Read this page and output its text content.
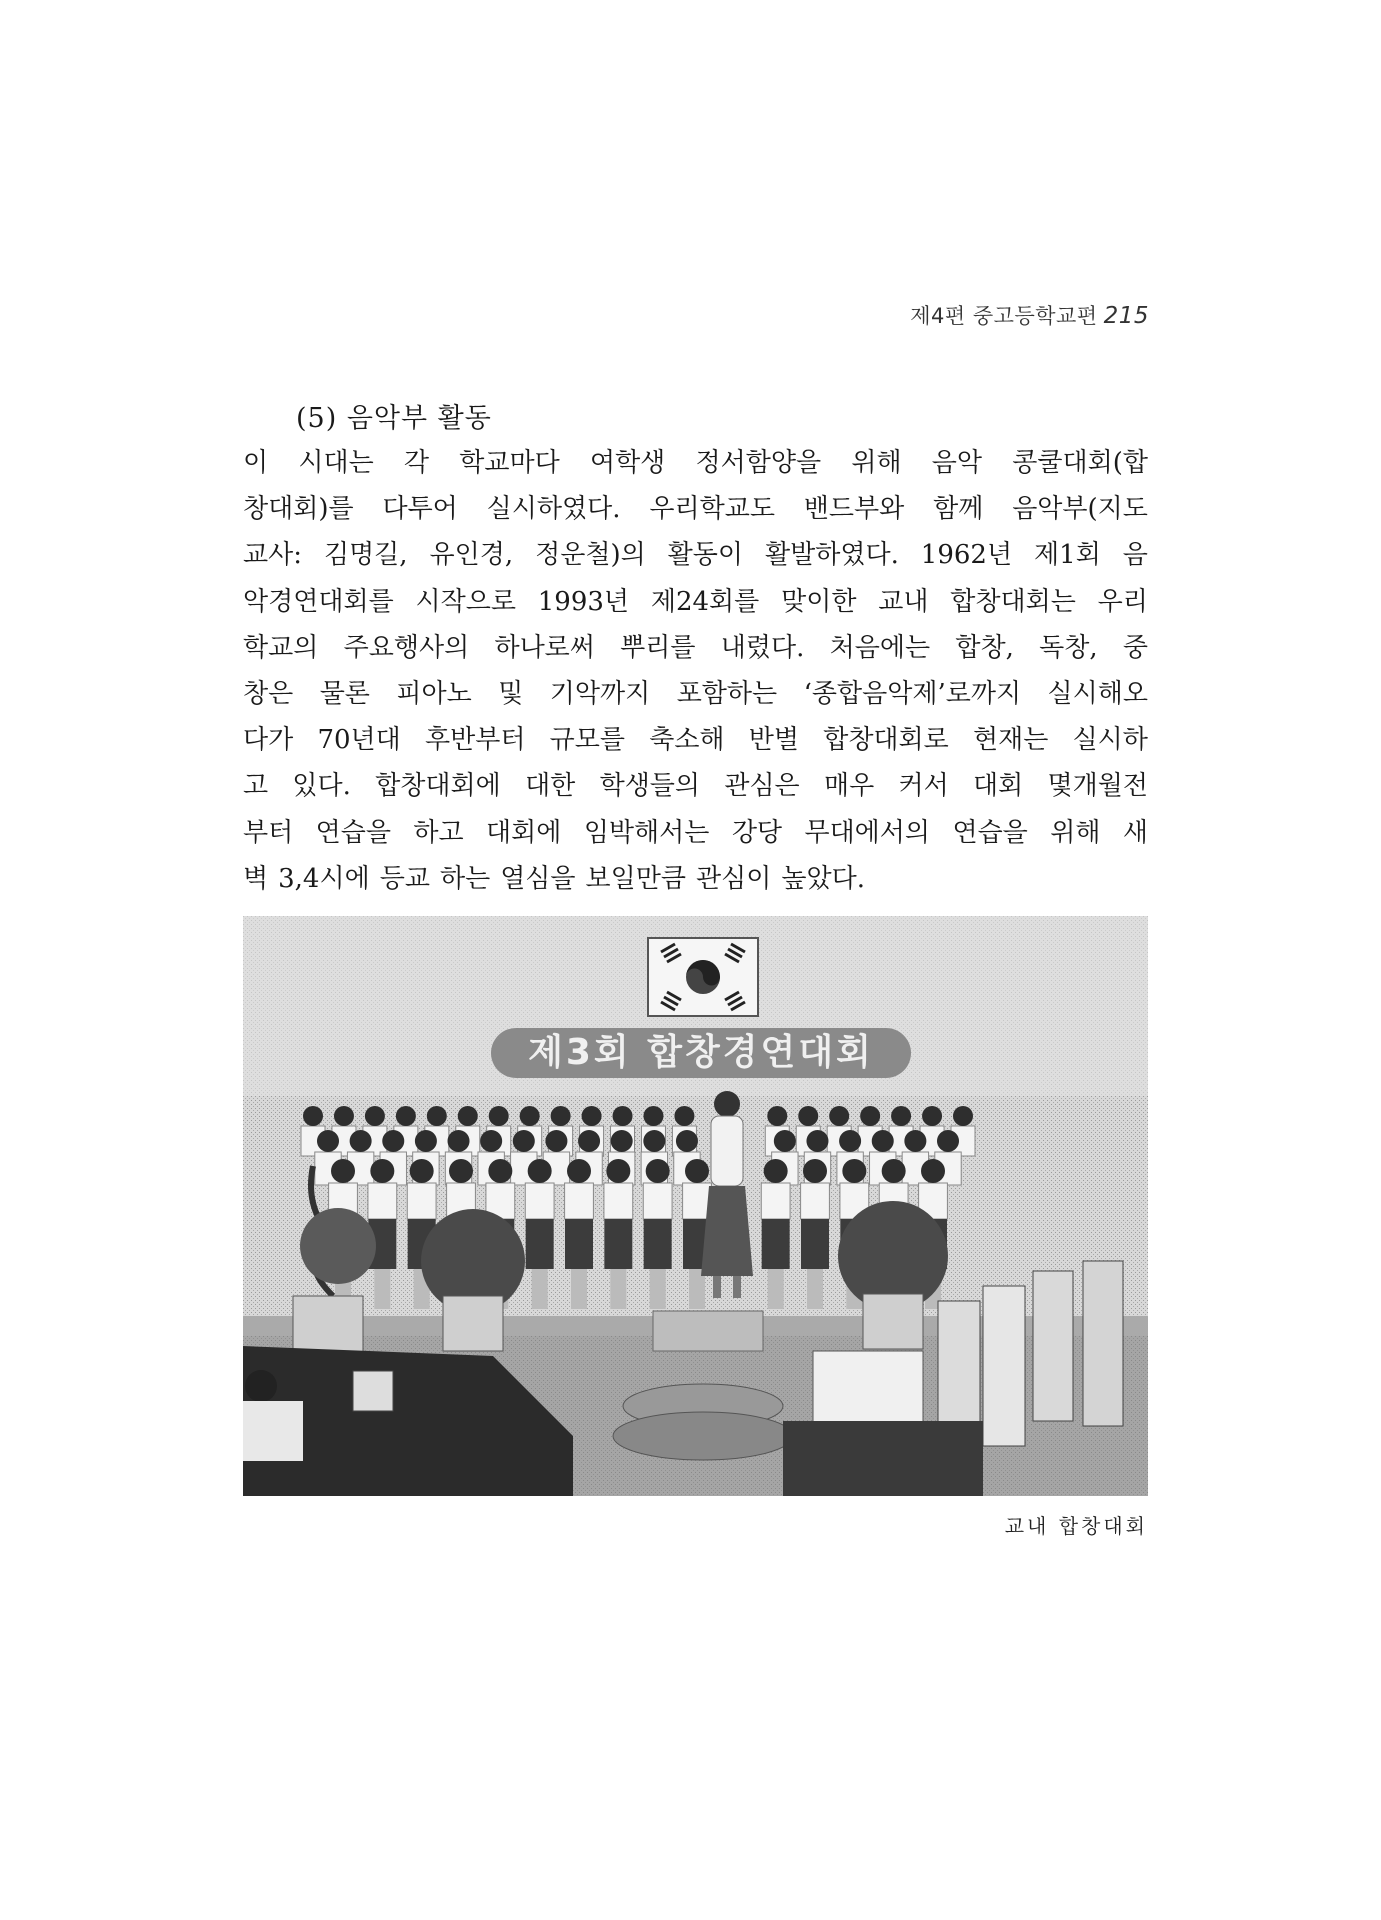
제4편 중고등학교편 215
(5) 음악부 활동
이 시대는 각 학교마다 여학생 정서함양을 위해 음악 콩쿨대회(합
창대회)를 다투어 실시하였다. 우리학교도 밴드부와 함께 음악부(지도
교사: 김명길, 유인경, 정운철)의 활동이 활발하였다. 1962년 제1회 음
악경연대회를 시작으로 1993년 제24회를 맞이한 교내 합창대회는 우리
학교의 주요행사의 하나로써 뿌리를 내렸다. 처음에는 합창, 독창, 중
창은 물론 피아노 및 기악까지 포함하는 ‘종합음악제’로까지 실시해오
다가 70년대 후반부터 규모를 축소해 반별 합창대회로 현재는 실시하
고 있다. 합창대회에 대한 학생들의 관심은 매우 커서 대회 몇개월전
부터 연습을 하고 대회에 임박해서는 강당 무대에서의 연습을 위해 새
벽 3,4시에 등교 하는 열심을 보일만큼 관심이 높았다.
제3회 합창경연대회
교내 합창대회
